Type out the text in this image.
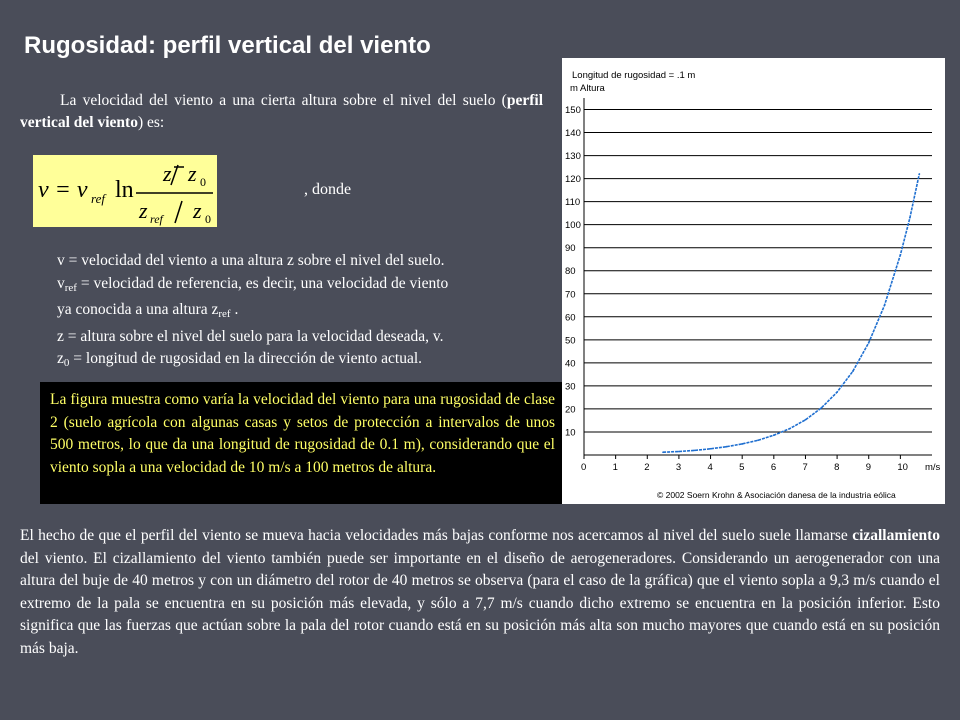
Rugosidad: perfil vertical del viento
La velocidad del viento a una cierta altura sobre el nivel del suelo (perfil vertical del viento) es:
v = v ref ln
z z 0
z ref z 0
, donde
v = velocidad del viento a una altura z sobre el nivel del suelo.
$v_{ref}$ = velocidad de referencia, es decir, una velocidad de viento
ya conocida a una altura $z_{ref}$ .
z = altura sobre el nivel del suelo para la velocidad deseada, v.
$z_0$ = longitud de rugosidad en la dirección de viento actual.
La figura muestra como varía la velocidad del viento para una rugosidad de clase 2 (suelo agrícola con algunas casas y setos de protección a intervalos de unos 500 metros, lo que da una longitud de rugosidad de 0.1 m), considerando que el viento sopla a una velocidad de 10 m/s a 100 metros de altura.
Longitud de rugosidad = .1 m
m Altura
m/s
© 2002 Soern Krohn & Asociación danesa de la industria eólica
10
20
30
40
50
60
70
80
90
100
110
120
130
140
150
0	1	2	3	4	5	6	7	8	9	10
El hecho de que el perfil del viento se mueva hacia velocidades más bajas conforme nos acercamos al nivel del suelo suele llamarse cizallamiento del viento. El cizallamiento del viento también puede ser importante en el diseño de aerogeneradores. Considerando un aerogenerador con una altura del buje de 40 metros y con un diámetro del rotor de 40 metros se observa (para el caso de la gráfica) que el viento sopla a 9,3 m/s cuando el extremo de la pala se encuentra en su posición más elevada, y sólo a 7,7 m/s cuando dicho extremo se encuentra en la posición inferior. Esto significa que las fuerzas que actúan sobre la pala del rotor cuando está en su posición más alta son mucho mayores que cuando está en su posición más baja.
